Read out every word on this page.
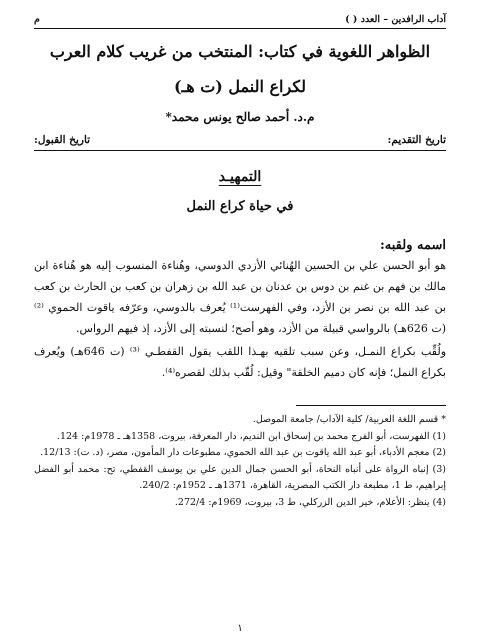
آداب الرافدين – العدد ( )
م
الظواهر اللغوية في كتاب: المنتخب من غريب كلام العرب
لكراع النمل (ت هـ)
م.د. أحمد صالح يونس محمد*
تاريخ التقديم:
تاريخ القبول:
التمهيـد
في حياة كراع النمل
اسمه ولقبه:

هو أبو الحسن علي بن الحسين الهُنائي الأزدي الدوسي، وهُناءة المنسوب إليه هو هُناءة ابن مالك بن فهم بن غنم بن دوس بن عدنان بن عبد الله بن زهران بن كعب بن الحارث بن كعب بن عبد الله بن نصر بن الأزد، وفي الفهرست⁽¹⁾ يُعرف بالدوسي، وعرّفه ياقوت الحموي ⁽²⁾ (ت 626هـ) بالرواسي قبيلة من الأزد، وهو أصح؛ لنسبته إلى الأزد، إذ فيهم الرواس.

ولُقِّب بكراع النمـل، وعن سبب تلقيه بهـذا اللقب يقول القفطـي ⁽³⁾ (ت 646هـ) ويُعرف بكراع النمل؛ فإنه كان دميم الخلقة" وقيل: لُقّب بذلك لقصره⁽⁴⁾.

* قسم اللغة العربية/ كلية الآداب/ جامعة الموصل.

(1) الفهرست، أبو الفرج محمد بن إسحاق ابن النديم، دار المعرفة، بيروت، 1358هـ ـ 1978م: 124.

(2) معجم الأدباء، أبو عبد الله ياقوت بن عبد الله الحموي، مطبوعات دار المأمون، مصر، (د. ت): 12/13.

(3) إنباه الرواة على أنباه النحاة، أبو الحسن جمال الدين علي بن يوسف القفطي، تح: محمد أبو الفضل إبراهيم، ط 1، مطبعة دار الكتب المصرية، القاهرة، 1371هـ ـ 1952م: 240/2.

(4) ينظر: الأعلام، خير الدين الزركلي، ط 3، بيروت، 1969م: 272/4.

١
